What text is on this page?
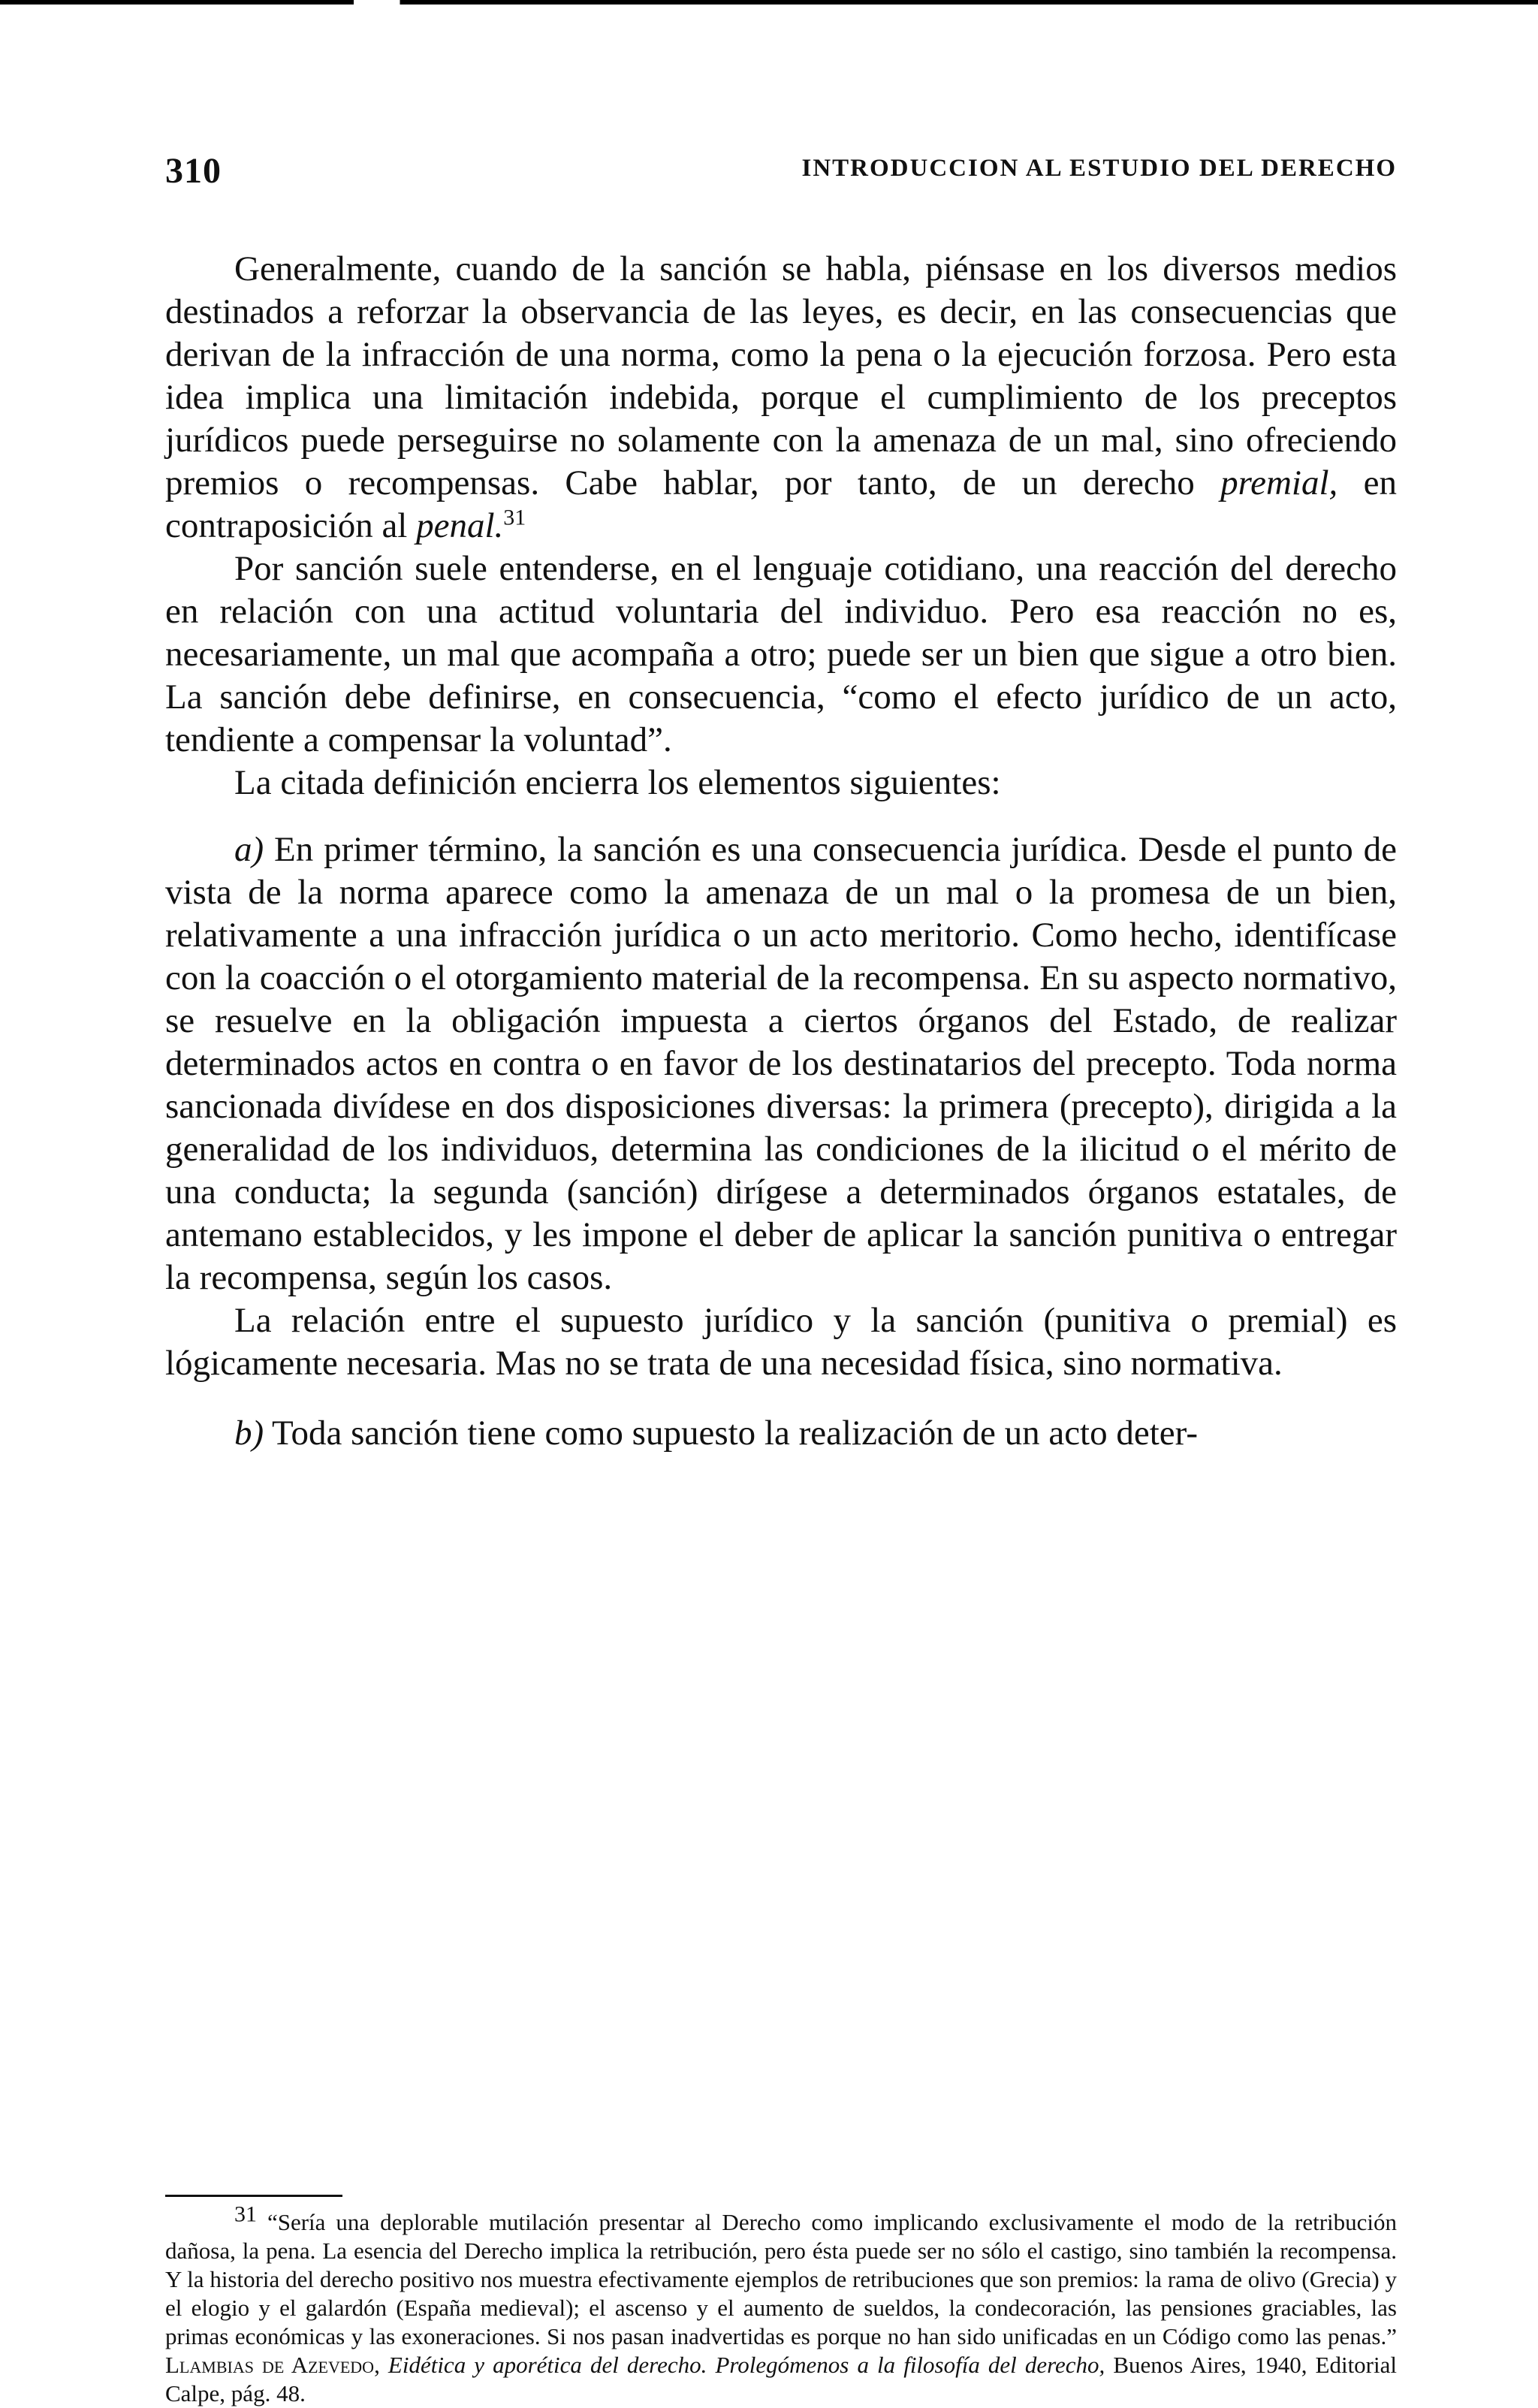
310	INTRODUCCION AL ESTUDIO DEL DERECHO

Generalmente, cuando de la sanción se habla, piénsase en los diversos medios destinados a reforzar la observancia de las leyes, es decir, en las consecuencias que derivan de la infracción de una norma, como la pena o la ejecución forzosa. Pero esta idea implica una limitación indebida, porque el cumplimiento de los preceptos jurídicos puede perseguirse no solamente con la amenaza de un mal, sino ofreciendo premios o recompensas. Cabe hablar, por tanto, de un derecho premial, en contraposición al penal.$^{31}$

Por sanción suele entenderse, en el lenguaje cotidiano, una reacción del derecho en relación con una actitud voluntaria del individuo. Pero esa reacción no es, necesariamente, un mal que acompaña a otro; puede ser un bien que sigue a otro bien. La sanción debe definirse, en consecuencia, “como el efecto jurídico de un acto, tendiente a compensar la voluntad”.

La citada definición encierra los elementos siguientes:

a) En primer término, la sanción es una consecuencia jurídica. Desde el punto de vista de la norma aparece como la amenaza de un mal o la promesa de un bien, relativamente a una infracción jurídica o un acto meritorio. Como hecho, identifícase con la coacción o el otorgamiento material de la recompensa. En su aspecto normativo, se resuelve en la obligación impuesta a ciertos órganos del Estado, de realizar determinados actos en contra o en favor de los destinatarios del precepto. Toda norma sancionada divídese en dos disposiciones diversas: la primera (precepto), dirigida a la generalidad de los individuos, determina las condiciones de la ilicitud o el mérito de una conducta; la segunda (sanción) dirígese a determinados órganos estatales, de antemano establecidos, y les impone el deber de aplicar la sanción punitiva o entregar la recompensa, según los casos.

La relación entre el supuesto jurídico y la sanción (punitiva o premial) es lógicamente necesaria. Mas no se trata de una necesidad física, sino normativa.

b) Toda sanción tiene como supuesto la realización de un acto deter-

$^{31}$ “Sería una deplorable mutilación presentar al Derecho como implicando exclusivamente el modo de la retribución dañosa, la pena. La esencia del Derecho implica la retribución, pero ésta puede ser no sólo el castigo, sino también la recompensa. Y la historia del derecho positivo nos muestra efectivamente ejemplos de retribuciones que son premios: la rama de olivo (Grecia) y el elogio y el galardón (España medieval); el ascenso y el aumento de sueldos, la condecoración, las pensiones graciables, las primas económicas y las exoneraciones. Si nos pasan inadvertidas es porque no han sido unificadas en un Código como las penas.” Llambias de Azevedo, Eidética y aporética del derecho. Prolegómenos a la filosofía del derecho, Buenos Aires, 1940, Editorial Calpe, pág. 48.
